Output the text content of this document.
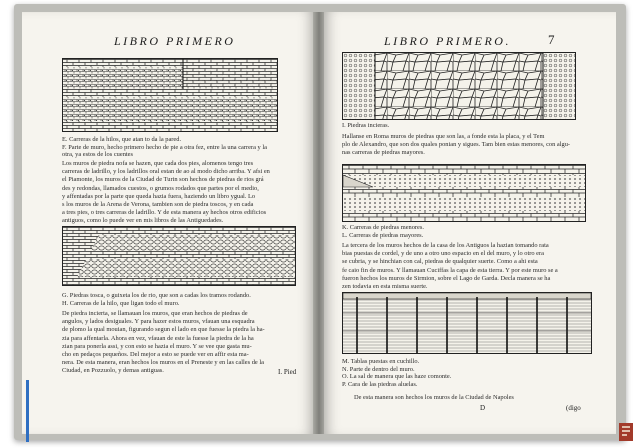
LIBRO PRIMERO
E. Carreras de la hilos, que atan to da la pared.
F. Parte de muro, hecho primero hecho de pie a otra fez, entre la una carrera y la
otra, ya estos de los cuentes
Los muros de piedra nofa se hazen, que cada dos pies, alomenos tengo tres
carreras de ladrillo, y los ladrillos oral estan de ao al modo dicho arriba. Y afsi en
el Piamonte, los muros de la Ciudad de Turin son hechos de piedras de rios grá
des y redondas, llamados cuestos, o grumos rodados que partes por el medio,
y affentadas por la parte que queda hazia fuera, haziendo un libro ygual. Lo
s los muros de la Arena de Verona, tambien son de piedra toscos, y en cada
a tres pies, o tres carreras de ladrillo. Y de esta manera ay hechos otros edificios
antiguos, como lo puede ver en mis libros de las Antiguedades.
G. Piedras tosca, o guixeta los de rio, que son a cadas los tramos rodando.
H. Carreras de la hilo, que ligan todo el muro.
De piedra incierta, se llamauan los muros, que eran hechos de piedras de
angulos, y lados desiguales. Y para hazer estos muros, vfauan una esquadra
de plomo la qual mouian, figurando segun el lado en que fuesse la piedra la ha-
zia para affentarla. Ahora en vez, vfauan de este la fuesse la piedra de la ha
zian para ponerla assi, y con esto se hazia el muro. Y se vee que gasta mu-
cho en pedaços pequeños. Del mejor a esto se puede ver en affir esta ma-
nera. De esta manera, eran hechos los muros en el Preneste y en las calles de la
Ciudad, en Pozzuolo, y demas antiguas.	I. Pied
LIBRO PRIMERO.	7
I. Piedras incieras.
Hallanse en Roma muros de piedras que son las, a fonde esta la placa, y el Tem
plo de Alexandro, que son dos quales ponian y sigues. Tam bien estas menores, con algu-
nas carreras de piedras mayores.
K. Carreras de piedras menores.
L. Carreras de piedras mayores.
La tercera de los muros hechos de la casa de los Antiguos la hazian tomando rata
bias puestas de cordel, y de uno a otro uno espacio en el del muro, y lo otro era
se cubria, y se hinchian con cal, piedras de qualquier suerte. Como a ahi esta
fe caio fin de muros. Y llamauan Cuciffas la capa de esta tierra. Y por este muro se a
fueron hechos los muros de Sirmion, sobre el Lago de Garda. Decla manera se ha
zen todavia en esta misma suerte.
M. Tablas puestas en cuchillo.
N. Parte de dentro del muro.
O. La sal de manera que las haze comonte.
P. Cara de las piedras aluelas.
De esta manera son hechos los muros de la Ciudad de Napoles
D	(digo
